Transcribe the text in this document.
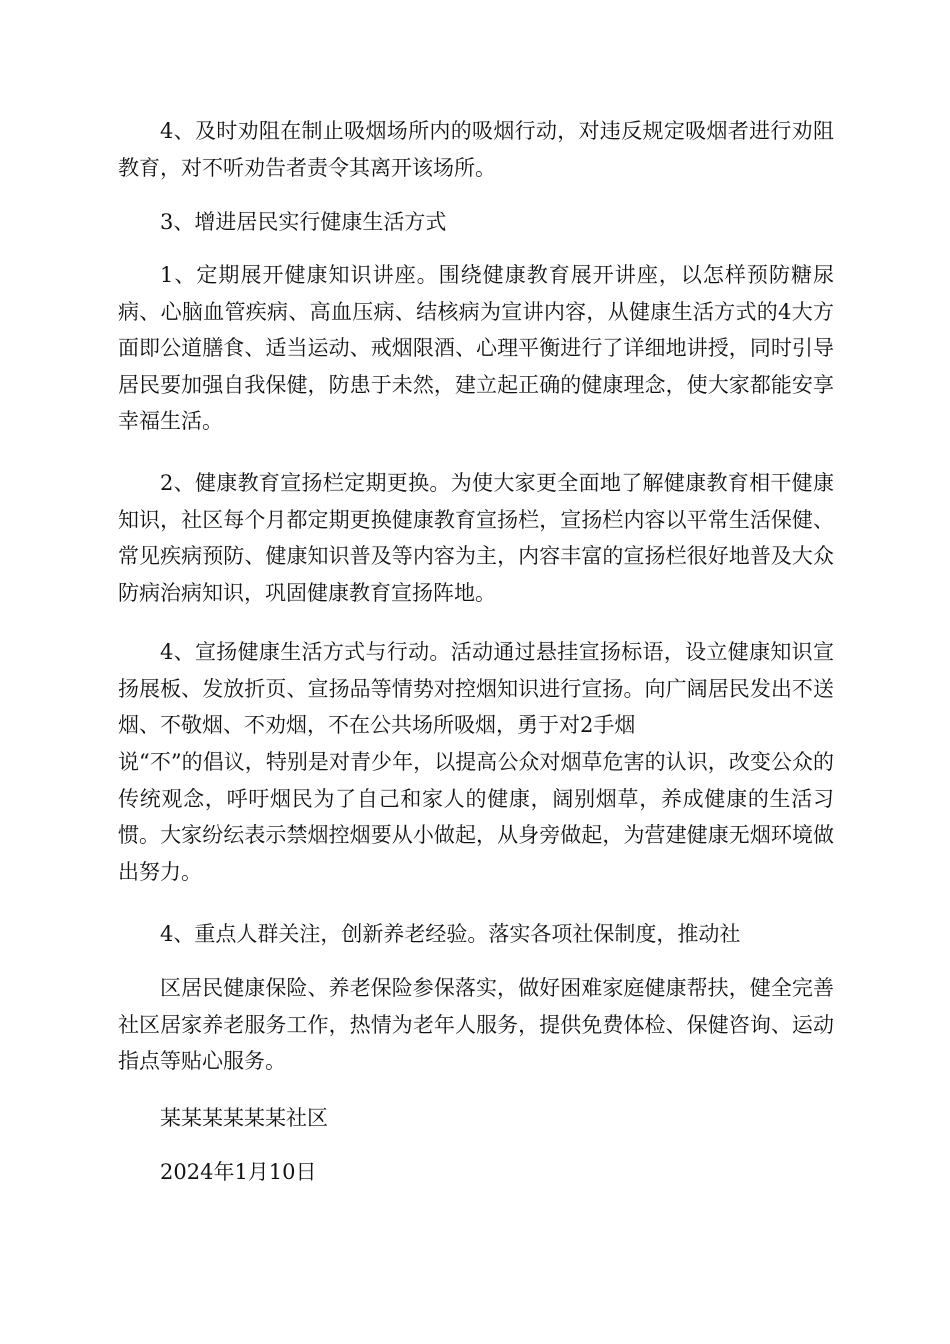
4、及时劝阻在制止吸烟场所内的吸烟行动，对违反规定吸烟者进行劝阻教育，对不听劝告者责令其离开该场所。

3、增进居民实行健康生活方式

1、定期展开健康知识讲座。围绕健康教育展开讲座，以怎样预防糖尿病、心脑血管疾病、高血压病、结核病为宣讲内容，从健康生活方式的4大方面即公道膳食、适当运动、戒烟限酒、心理平衡进行了详细地讲授，同时引导居民要加强自我保健，防患于未然，建立起正确的健康理念，使大家都能安享幸福生活。

2、健康教育宣扬栏定期更换。为使大家更全面地了解健康教育相干健康知识，社区每个月都定期更换健康教育宣扬栏，宣扬栏内容以平常生活保健、常见疾病预防、健康知识普及等内容为主，内容丰富的宣扬栏很好地普及大众防病治病知识，巩固健康教育宣扬阵地。

4、宣扬健康生活方式与行动。活动通过悬挂宣扬标语，设立健康知识宣扬展板、发放折页、宣扬品等情势对控烟知识进行宣扬。向广阔居民发出不送烟、不敬烟、不劝烟，不在公共场所吸烟，勇于对2手烟

说“不”的倡议，特别是对青少年，以提高公众对烟草危害的认识，改变公众的传统观念，呼吁烟民为了自己和家人的健康，阔别烟草，养成健康的生活习惯。大家纷纭表示禁烟控烟要从小做起，从身旁做起，为营建健康无烟环境做出努力。

4、重点人群关注，创新养老经验。落实各项社保制度，推动社

区居民健康保险、养老保险参保落实，做好困难家庭健康帮扶，健全完善社区居家养老服务工作，热情为老年人服务，提供免费体检、保健咨询、运动指点等贴心服务。

某某某某某某社区

2024年1月10日
